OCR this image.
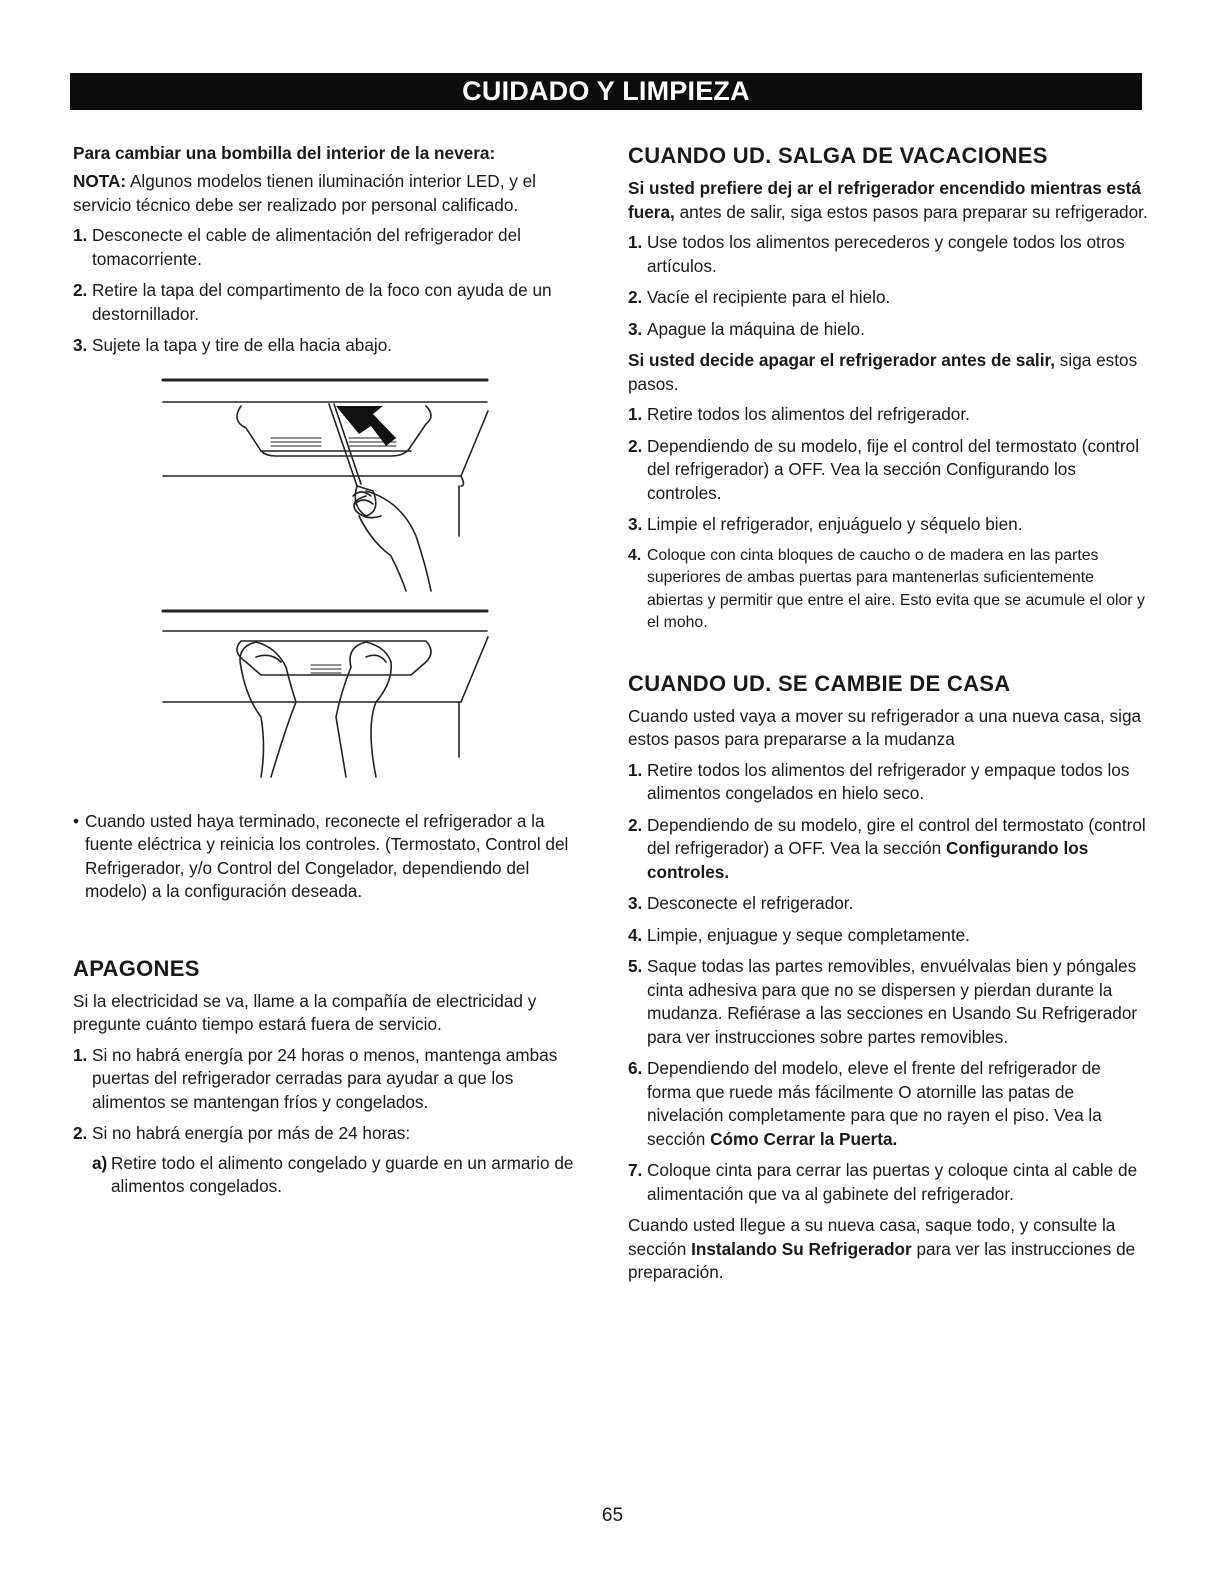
CUIDADO Y LIMPIEZA
Para cambiar una bombilla del interior de la nevera:

NOTA: Algunos modelos tienen iluminación interior LED, y el servicio técnico debe ser realizado por personal calificado.

1. Desconecte el cable de alimentación del refrigerador del tomacorriente.
2. Retire la tapa del compartimento de la foco con ayuda de un destornillador.
3. Sujete la tapa y tire de ella hacia abajo.

• Cuando usted haya terminado, reconecte el refrigerador a la fuente eléctrica y reinicia los controles. (Termostato, Control del Refrigerador, y/o Control del Congelador, dependiendo del modelo) a la configuración deseada.

APAGONES

Si la electricidad se va, llame a la compañía de electricidad y pregunte cuánto tiempo estará fuera de servicio.

1. Si no habrá energía por 24 horas o menos, mantenga ambas puertas del refrigerador cerradas para ayudar a que los alimentos se mantengan fríos y congelados.
2. Si no habrá energía por más de 24 horas:
a) Retire todo el alimento congelado y guarde en un armario de alimentos congelados.
CUANDO UD. SALGA DE VACACIONES

Si usted prefiere dej ar el refrigerador encendido mientras está fuera, antes de salir, siga estos pasos para preparar su refrigerador.

1. Use todos los alimentos perecederos y congele todos los otros artículos.
2. Vacíe el recipiente para el hielo.
3. Apague la máquina de hielo.

Si usted decide apagar el refrigerador antes de salir, siga estos pasos.

1. Retire todos los alimentos del refrigerador.
2. Dependiendo de su modelo, fije el control del termostato (control del refrigerador) a OFF. Vea la sección Configurando los controles.
3. Limpie el refrigerador, enjuáguelo y séquelo bien.
4. Coloque con cinta bloques de caucho o de madera en las partes superiores de ambas puertas para mantenerlas suficientemente abiertas y permitir que entre el aire. Esto evita que se acumule el olor y el moho.
CUANDO UD. SE CAMBIE DE CASA

Cuando usted vaya a mover su refrigerador a una nueva casa, siga estos pasos para prepararse a la mudanza

1. Retire todos los alimentos del refrigerador y empaque todos los alimentos congelados en hielo seco.
2. Dependiendo de su modelo, gire el control del termostato (control del refrigerador) a OFF. Vea la sección Configurando los controles.
3. Desconecte el refrigerador.
4. Limpie, enjuague y seque completamente.
5. Saque todas las partes removibles, envuélvalas bien y póngales cinta adhesiva para que no se dispersen y pierdan durante la mudanza. Refiérase a las secciones en Usando Su Refrigerador para ver instrucciones sobre partes removibles.
6. Dependiendo del modelo, eleve el frente del refrigerador de forma que ruede más fácilmente O atornille las patas de nivelación completamente para que no rayen el piso. Vea la sección Cómo Cerrar la Puerta.
7. Coloque cinta para cerrar las puertas y coloque cinta al cable de alimentación que va al gabinete del refrigerador.

Cuando usted llegue a su nueva casa, saque todo, y consulte la sección Instalando Su Refrigerador para ver las instrucciones de preparación.

65
